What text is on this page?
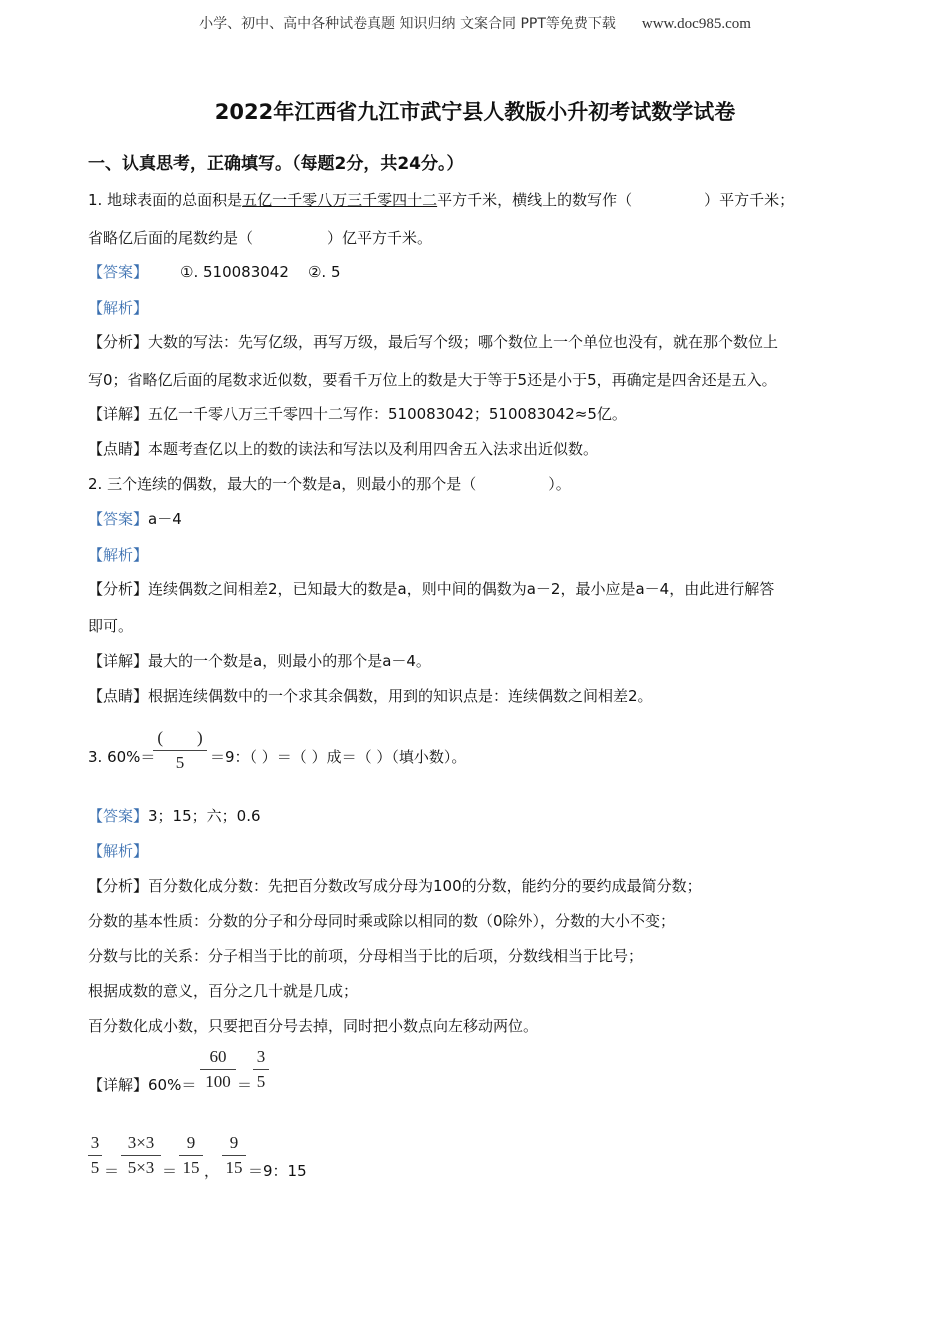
小学、初中、高中各种试卷真题 知识归纳 文案合同 PPT等免费下载 www.doc985.com
2022年江西省九江市武宁县人教版小升初考试数学试卷
一、认真思考，正确填写。（每题2分，共24分。）
1. 地球表面的总面积是五亿一千零八万三千零四十二平方千米，横线上的数写作（	）平方千米；
省略亿后面的尾数约是（	）亿平方千米。
【答案】 ①. 510083042    ②. 5
【解析】
【分析】大数的写法：先写亿级，再写万级，最后写个级；哪个数位上一个单位也没有，就在那个数位上
写0；省略亿后面的尾数求近似数，要看千万位上的数是大于等于5还是小于5，再确定是四舍还是五入。
【详解】五亿一千零八万三千零四十二写作：510083042；510083042≈5亿。
【点睛】本题考查亿以上的数的读法和写法以及利用四舍五入法求出近似数。
2. 三个连续的偶数，最大的一个数是a，则最小的那个是（	）。
【答案】a－4
【解析】
【分析】连续偶数之间相差2，已知最大的数是a，则中间的偶数为a－2，最小应是a－4，由此进行解答
即可。
【详解】最大的一个数是a，则最小的那个是a－4。
【点睛】根据连续偶数中的一个求其余偶数，用到的知识点是：连续偶数之间相差2。
3. 60%＝
(        )
5	＝9：（ ）＝（ ）成＝（ ）（填小数）。
【答案】3；15；六；0.6
【解析】
【分析】百分数化成分数：先把百分数改写成分母为100的分数，能约分的要约成最简分数；
分数的基本性质：分数的分子和分母同时乘或除以相同的数（0除外），分数的大小不变；
分数与比的关系：分子相当于比的前项，分母相当于比的后项，分数线相当于比号；
根据成数的意义，百分之几十就是几成；
百分数化成小数，只要把百分号去掉，同时把小数点向左移动两位。
【详解】60%＝
60
100 ＝
3
5
3
5 ＝
3×3
5×3 ＝
9
15 ，
9
15 ＝9：15
